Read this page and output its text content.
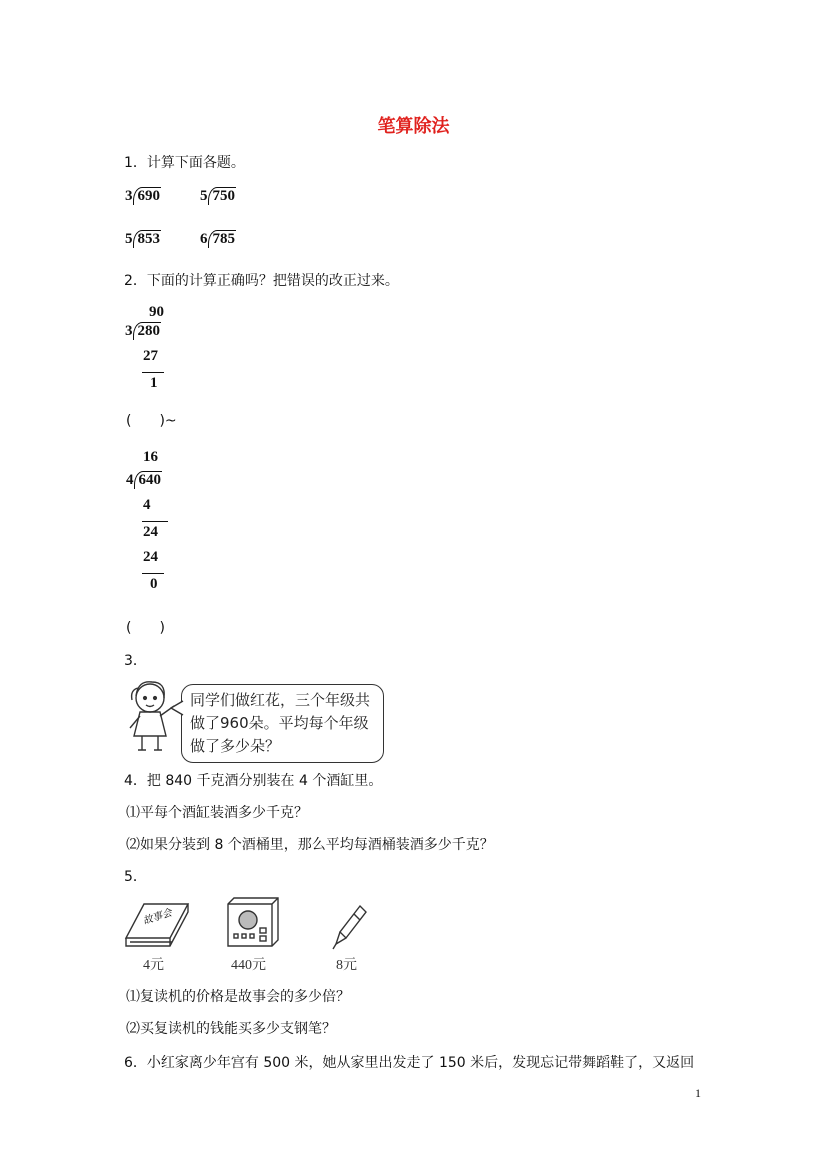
笔算除法
1．计算下面各题。
3 690	5 750
5 853	6 785
2．下面的计算正确吗？把错误的改正过来。
90
3 280
27
1
(　　)~
16
4 640
4
24
24
0
(　　)
3．
同学们做红花，三个年级共
做了960朵。平均每个年级
做了多少朵？
4．把 840 千克酒分别装在 4 个酒缸里。
⑴平每个酒缸装酒多少千克？
⑵如果分装到 8 个酒桶里，那么平均每酒桶装酒多少千克？
5．
故事会
4元	440元	8元
⑴复读机的价格是故事会的多少倍？
⑵买复读机的钱能买多少支钢笔？
6．小红家离少年宫有 500 米，她从家里出发走了 150 米后，发现忘记带舞蹈鞋了，又返回
1
